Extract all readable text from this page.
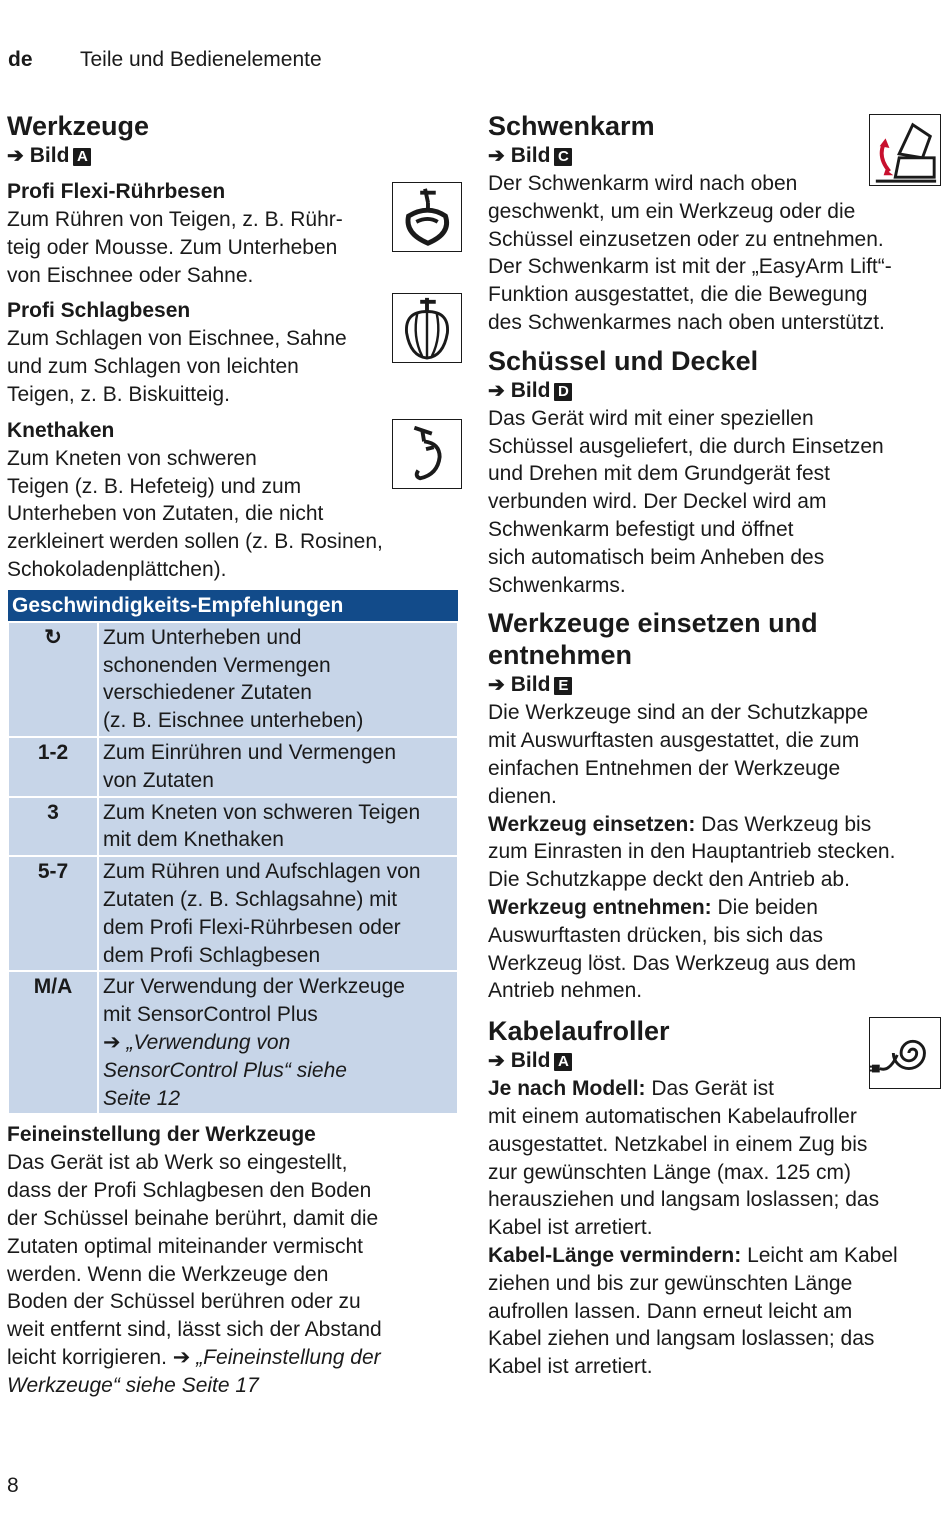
de Teile und Bedienelemente
Werkzeuge
➔ Bild A
Profi Flexi-Rührbesen

Zum Rühren von Teigen, z. B. Rühr-
teig oder Mousse. Zum Unterheben
von Eischnee oder Sahne.

Profi Schlagbesen

Zum Schlagen von Eischnee, Sahne
und zum Schlagen von leichten
Teigen, z. B. Biskuitteig.

Knethaken

Zum Kneten von schweren
Teigen (z. B. Hefeteig) und zum
Unterheben von Zutaten, die nicht
zerkleinert werden sollen (z. B. Rosinen,
Schokoladenplättchen).

Geschwindigkeits-Empfehlungen	
↻	Zum Unterheben und
schonenden Vermengen
verschiedener Zutaten
(z. B. Eischnee unterheben)
1-2	Zum Einrühren und Vermengen
von Zutaten
3	Zum Kneten von schweren Teigen
mit dem Knethaken
5-7	Zum Rühren und Aufschlagen von
Zutaten (z. B. Schlagsahne) mit
dem Profi Flexi-Rührbesen oder
dem Profi Schlagbesen
M/A	Zur Verwendung der Werkzeuge
mit SensorControl Plus
➔ „Verwendung von
SensorControl Plus“ siehe
Seite 12
Feineinstellung der Werkzeuge

Das Gerät ist ab Werk so eingestellt,
dass der Profi Schlagbesen den Boden
der Schüssel beinahe berührt, damit die
Zutaten optimal miteinander vermischt
werden. Wenn die Werkzeuge den
Boden der Schüssel berühren oder zu
weit entfernt sind, lässt sich der Abstand
leicht korrigieren. ➔ „Feineinstellung der
Werkzeuge“ siehe Seite 17

Schwenkarm
➔ Bild C

Der Schwenkarm wird nach oben
geschwenkt, um ein Werkzeug oder die
Schüssel einzusetzen oder zu entnehmen.
Der Schwenkarm ist mit der „EasyArm Lift“-
Funktion ausgestattet, die die Bewegung
des Schwenkarmes nach oben unterstützt.

Schüssel und Deckel
➔ Bild D

Das Gerät wird mit einer speziellen
Schüssel ausgeliefert, die durch Einsetzen
und Drehen mit dem Grundgerät fest
verbunden wird. Der Deckel wird am
Schwenkarm befestigt und öffnet
sich automatisch beim Anheben des
Schwenkarms.

Werkzeuge einsetzen und
entnehmen
➔ Bild E

Die Werkzeuge sind an der Schutzkappe
mit Auswurftasten ausgestattet, die zum
einfachen Entnehmen der Werkzeuge
dienen.

Werkzeug einsetzen: Das Werkzeug bis
zum Einrasten in den Hauptantrieb stecken.
Die Schutzkappe deckt den Antrieb ab.

Werkzeug entnehmen: Die beiden
Auswurftasten drücken, bis sich das
Werkzeug löst. Das Werkzeug aus dem
Antrieb nehmen.

Kabelaufroller
➔ Bild A

Je nach Modell: Das Gerät ist
mit einem automatischen Kabelaufroller
ausgestattet. Netzkabel in einem Zug bis
zur gewünschten Länge (max. 125 cm)
herausziehen und langsam loslassen; das
Kabel ist arretiert.

Kabel-Länge vermindern: Leicht am Kabel
ziehen und bis zur gewünschten Länge
aufrollen lassen. Dann erneut leicht am
Kabel ziehen und langsam loslassen; das
Kabel ist arretiert.

8
